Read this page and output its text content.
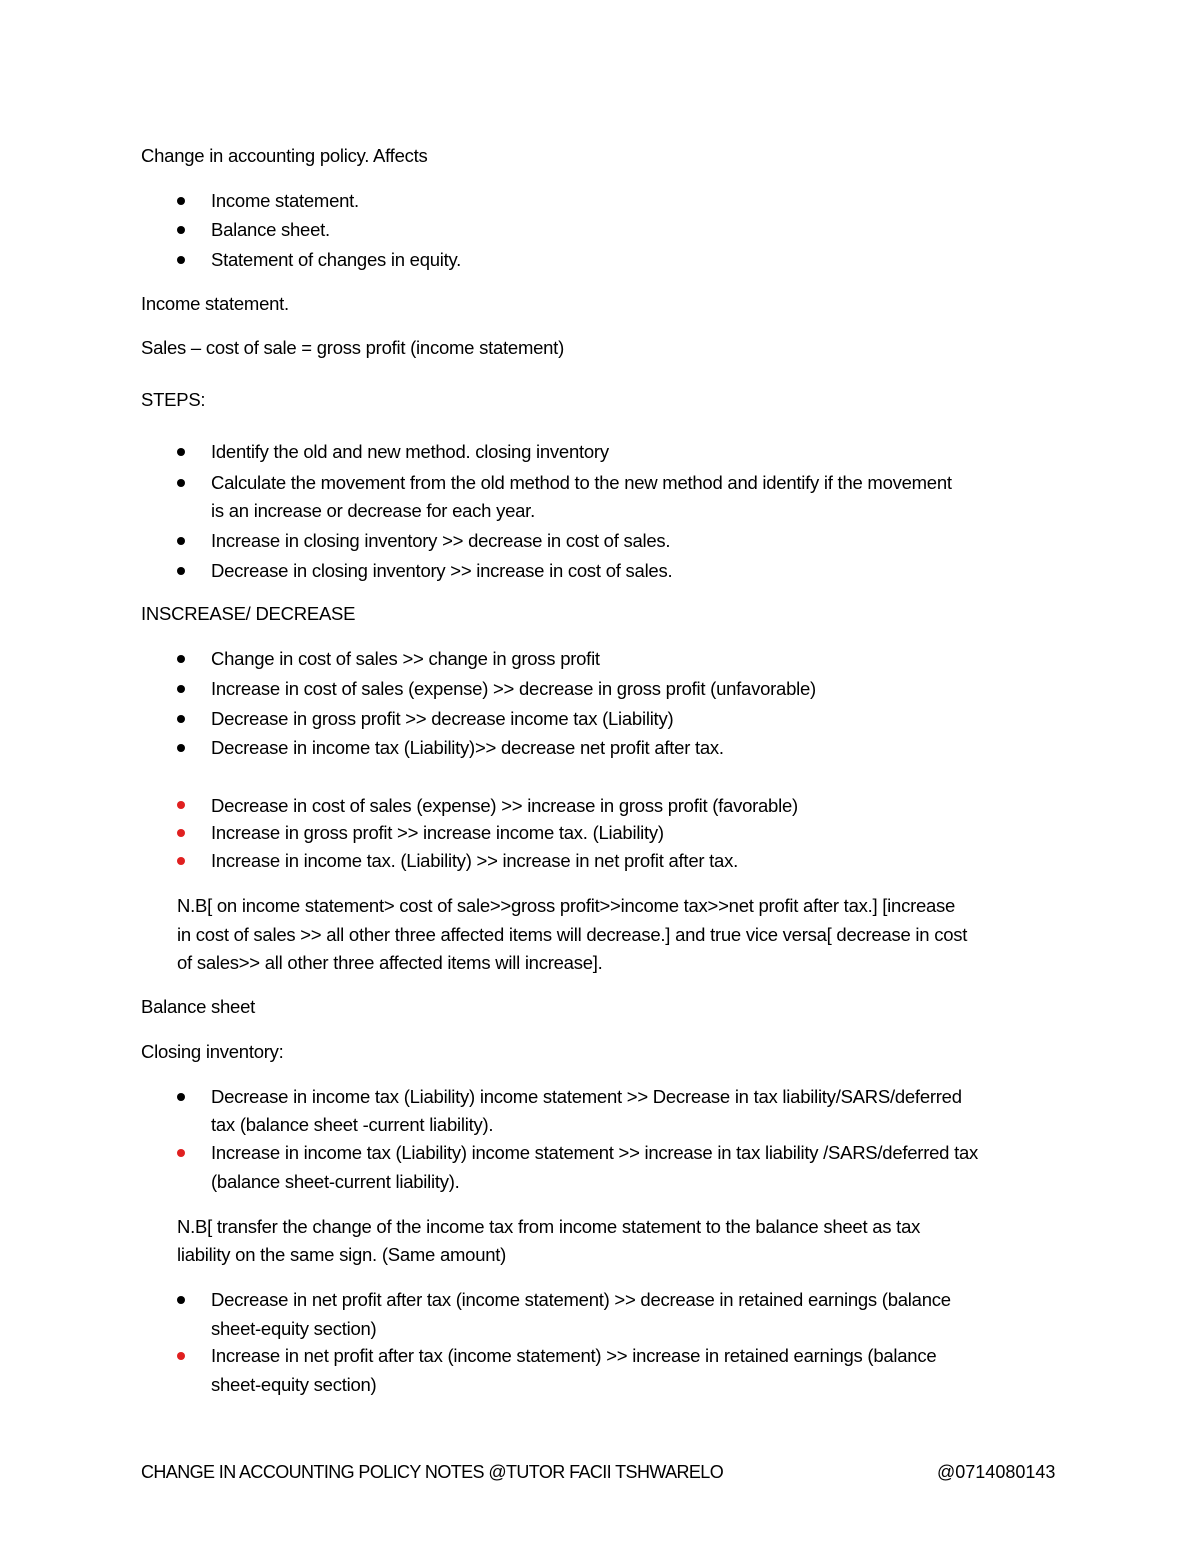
Change in accounting policy. Affects
Income statement.
Balance sheet.
Statement of changes in equity.
Income statement.
Sales – cost of sale = gross profit (income statement)
STEPS:
Identify the old and new method. closing inventory
Calculate the movement from the old method to the new method and identify if the movement
is an increase or decrease for each year.
Increase in closing inventory >> decrease in cost of sales.
Decrease in closing inventory >> increase in cost of sales.
INSCREASE/ DECREASE
Change in cost of sales >> change in gross profit
Increase in cost of sales (expense) >> decrease in gross profit (unfavorable)
Decrease in gross profit >> decrease income tax (Liability)
Decrease in income tax (Liability)>> decrease net profit after tax.
Decrease in cost of sales (expense) >> increase in gross profit (favorable)
Increase in gross profit >> increase income tax. (Liability)
Increase in income tax. (Liability) >> increase in net profit after tax.
N.B[ on income statement> cost of sale>>gross profit>>income tax>>net profit after tax.] [increase
in cost of sales >> all other three affected items will decrease.] and true vice versa[ decrease in cost
of sales>> all other three affected items will increase].
Balance sheet
Closing inventory:
Decrease in income tax (Liability) income statement >> Decrease in tax liability/SARS/deferred
tax (balance sheet -current liability).
Increase in income tax (Liability) income statement >> increase in tax liability /SARS/deferred tax
(balance sheet-current liability).
N.B[ transfer the change of the income tax from income statement to the balance sheet as tax
liability on the same sign. (Same amount)
Decrease in net profit after tax (income statement) >> decrease in retained earnings (balance
sheet-equity section)
Increase in net profit after tax (income statement) >> increase in retained earnings (balance
sheet-equity section)
CHANGE IN ACCOUNTING POLICY NOTES @TUTOR FACII TSHWARELO	@0714080143
